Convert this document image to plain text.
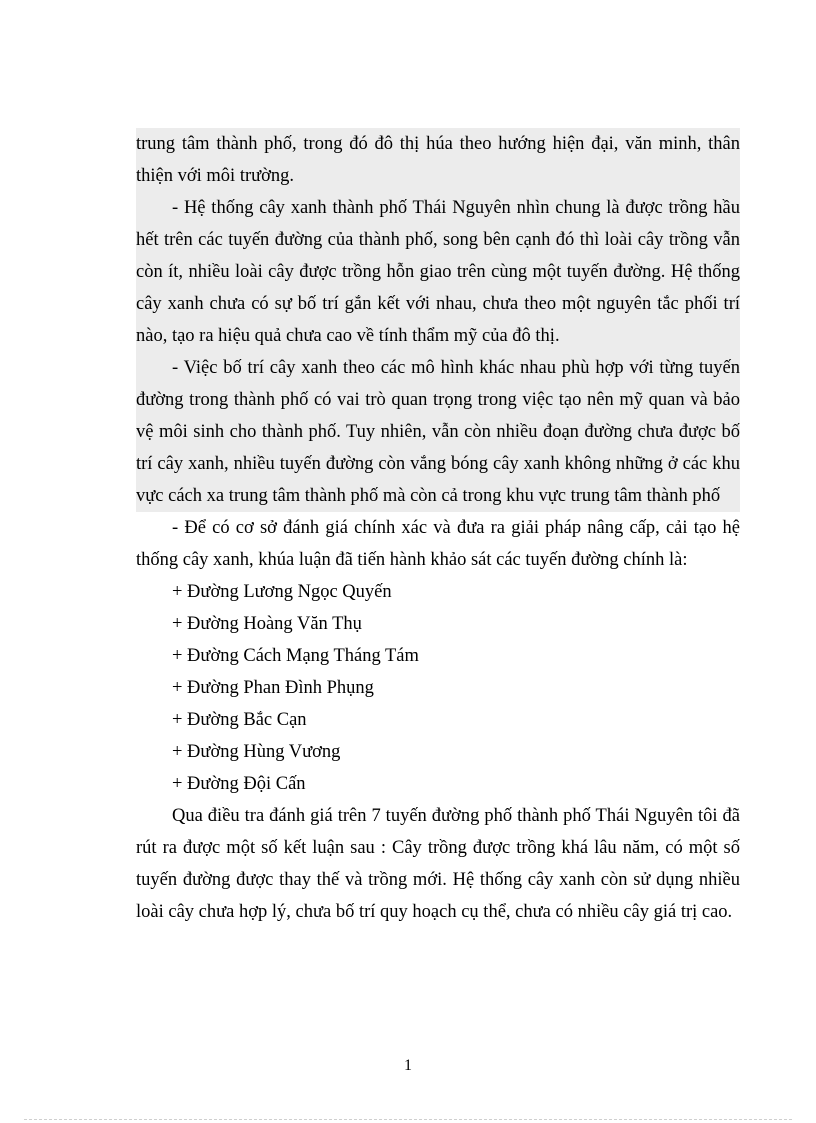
trung tâm thành phố, trong đó đô thị húa theo hướng hiện đại, văn minh, thân thiện với môi trường.

- Hệ thống cây xanh thành phố Thái Nguyên nhìn chung là được trồng hầu hết trên các tuyến đường của thành phố, song bên cạnh đó thì loài cây trồng vẫn còn ít, nhiều loài cây được trồng hỗn giao trên cùng một tuyến đường. Hệ thống cây xanh chưa có sự bố trí gắn kết với nhau, chưa theo một nguyên tắc phối trí nào, tạo ra hiệu quả chưa cao về tính thẩm mỹ của đô thị.

- Việc bố trí cây xanh theo các mô hình khác nhau phù hợp với từng tuyến đường trong thành phố có vai trò quan trọng trong việc tạo nên mỹ quan và bảo vệ môi sinh cho thành phố. Tuy nhiên, vẫn còn nhiều đoạn đường chưa được bố trí cây xanh, nhiều tuyến đường còn vắng bóng cây xanh không những ở các khu vực cách xa trung tâm thành phố mà còn cả trong khu vực trung tâm thành phố

- Để có cơ sở đánh giá chính xác và đưa ra giải pháp nâng cấp, cải tạo hệ thống cây xanh, khúa luận đã tiến hành khảo sát các tuyến đường chính là:

+ Đường Lương Ngọc Quyến
+ Đường Hoàng Văn Thụ
+ Đường Cách Mạng Tháng Tám
+ Đường Phan Đình Phụng
+ Đường Bắc Cạn
+ Đường Hùng Vương
+ Đường Đội Cấn

Qua điều tra đánh giá trên 7 tuyến đường phố thành phố Thái Nguyên tôi đã rút ra được một số kết luận sau : Cây trồng được trồng khá lâu năm, có một số tuyến đường được thay thế và trồng mới. Hệ thống cây xanh còn sử dụng nhiều loài cây chưa hợp lý, chưa bố trí quy hoạch cụ thể, chưa có nhiều cây giá trị cao.

1
